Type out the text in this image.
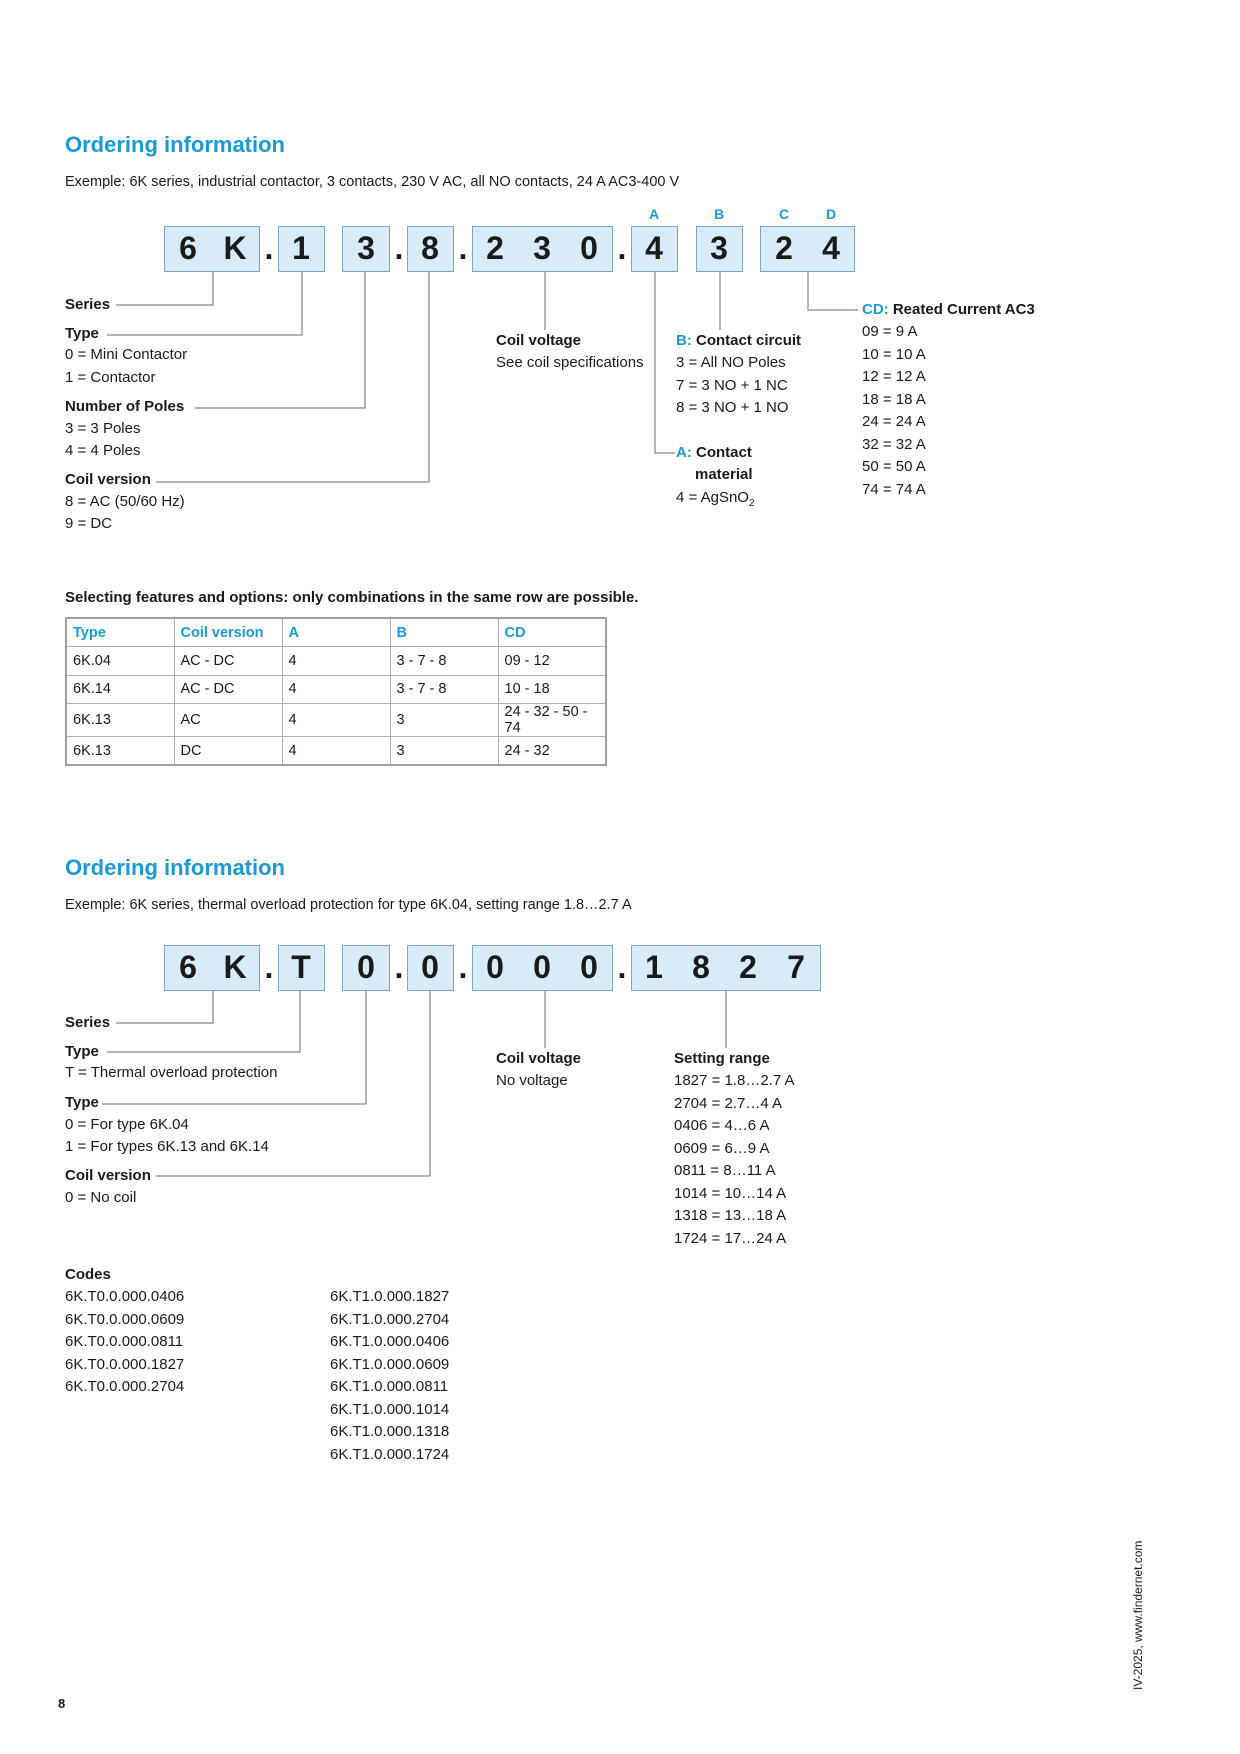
Ordering information
Exemple: 6K series, industrial contactor, 3 contacts, 230 V AC, all NO contacts, 24 A AC3-400 V
6 K . 1	3 . 8 . 2 3 0 . 4	3	2 4
A	B	C	D
Series
Type
0 = Mini Contactor
1 = Contactor
Number of Poles
3 = 3 Poles
4 = 4 Poles
Coil version
8 = AC (50/60 Hz)
9 = DC
Coil voltage
See coil specifications
B: Contact circuit
3 = All NO Poles
7 = 3 NO + 1 NC
8 = 3 NO + 1 NO
A: Contact
material
4 = AgSnO$_2$
CD: Reated Current AC3
09 = 9 A
10 = 10 A
12 = 12 A
18 = 18 A
24 = 24 A
32 = 32 A
50 = 50 A
74 = 74 A
Selecting features and options: only combinations in the same row are possible.
Type	Coil version	A	B	CD
6K.04	AC - DC	4	3 - 7 - 8	09 - 12
6K.14	AC - DC	4	3 - 7 - 8	10 - 18
6K.13	AC	4	3	24 - 32 - 50 - 74
6K.13	DC	4	3	24 - 32
Ordering information
Exemple: 6K series, thermal overload protection for type 6K.04, setting range 1.8…2.7 A
6 K . T	0 . 0 . 0 0 0 . 1 8 2 7
Series
Type
T = Thermal overload protection
Type
0 = For type 6K.04
1 = For types 6K.13 and 6K.14
Coil version
0 = No coil
Coil voltage
No voltage
Setting range
1827 = 1.8…2.7 A
2704 = 2.7…4 A
0406 = 4…6 A
0609 = 6…9 A
0811 = 8…11 A
1014 = 10…14 A
1318 = 13…18 A
1724 = 17…24 A
Codes
6K.T0.0.000.0406
6K.T0.0.000.0609
6K.T0.0.000.0811
6K.T0.0.000.1827
6K.T0.0.000.2704
6K.T1.0.000.1827
6K.T1.0.000.2704
6K.T1.0.000.0406
6K.T1.0.000.0609
6K.T1.0.000.0811
6K.T1.0.000.1014
6K.T1.0.000.1318
6K.T1.0.000.1724
8
IV-2025, www.findernet.com
